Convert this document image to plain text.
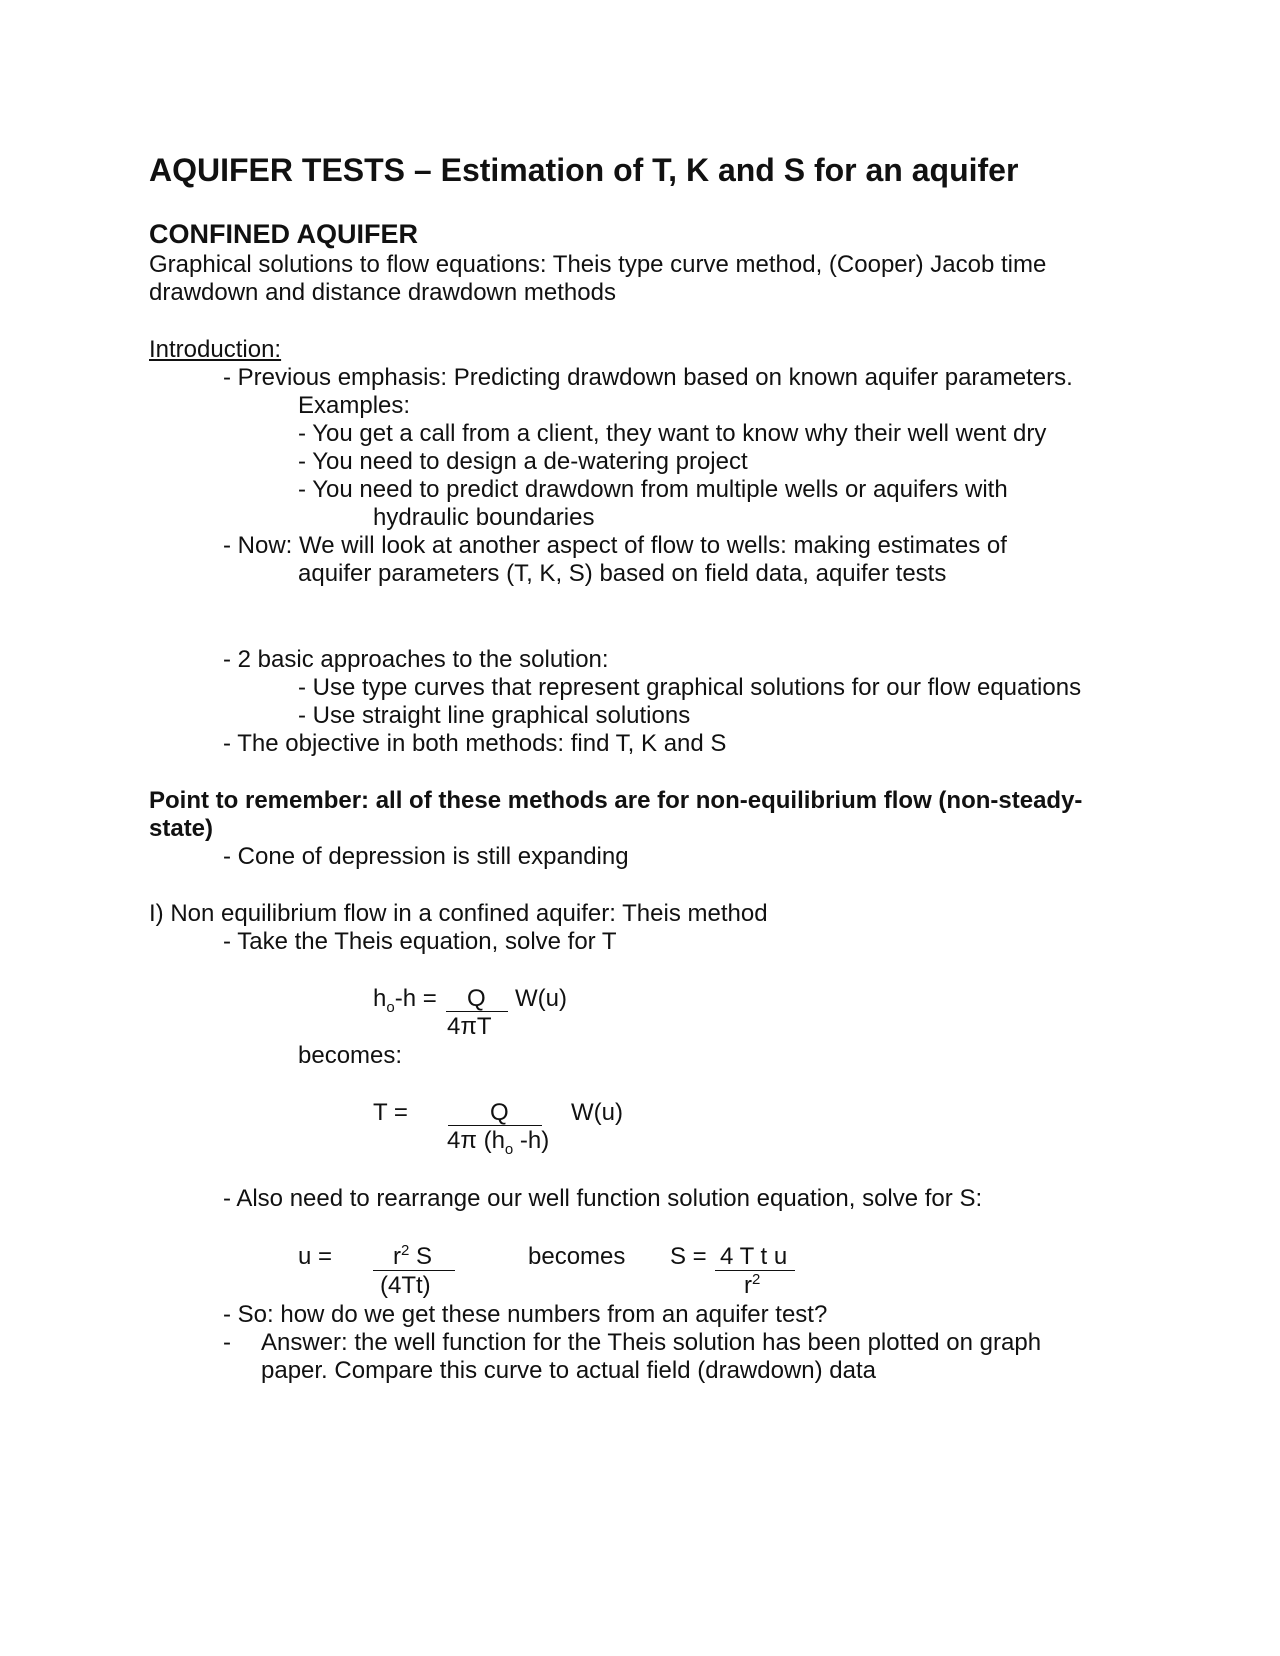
AQUIFER TESTS – Estimation of T, K and S for an aquifer
CONFINED AQUIFER
Graphical solutions to flow equations: Theis type curve method, (Cooper) Jacob time
drawdown and distance drawdown methods
Introduction:
- Previous emphasis: Predicting drawdown based on known aquifer parameters.
Examples:
- You get a call from a client, they want to know why their well went dry
- You need to design a de-watering project
- You need to predict drawdown from multiple wells or aquifers with
hydraulic boundaries
- Now: We will look at another aspect of flow to wells: making estimates of
aquifer parameters (T, K, S) based on field data, aquifer tests
- 2 basic approaches to the solution:
- Use type curves that represent graphical solutions for our flow equations
- Use straight line graphical solutions
- The objective in both methods: find T, K and S
Point to remember: all of these methods are for non-equilibrium flow (non-steady-
state)
- Cone of depression is still expanding
I) Non equilibrium flow in a confined aquifer: Theis method
- Take the Theis equation, solve for T
$h_o-h = Q$ W(u)
4πT
becomes:
T =	Q	W(u)
4π ($h_o$ -h)
- Also need to rearrange our well function solution equation, solve for S:
u =	$r^2$ S
(4Tt)
becomes S = 4 T t u
$r^2$
- So: how do we get these numbers from an aquifer test?
- Answer: the well function for the Theis solution has been plotted on graph
paper. Compare this curve to actual field (drawdown) data
